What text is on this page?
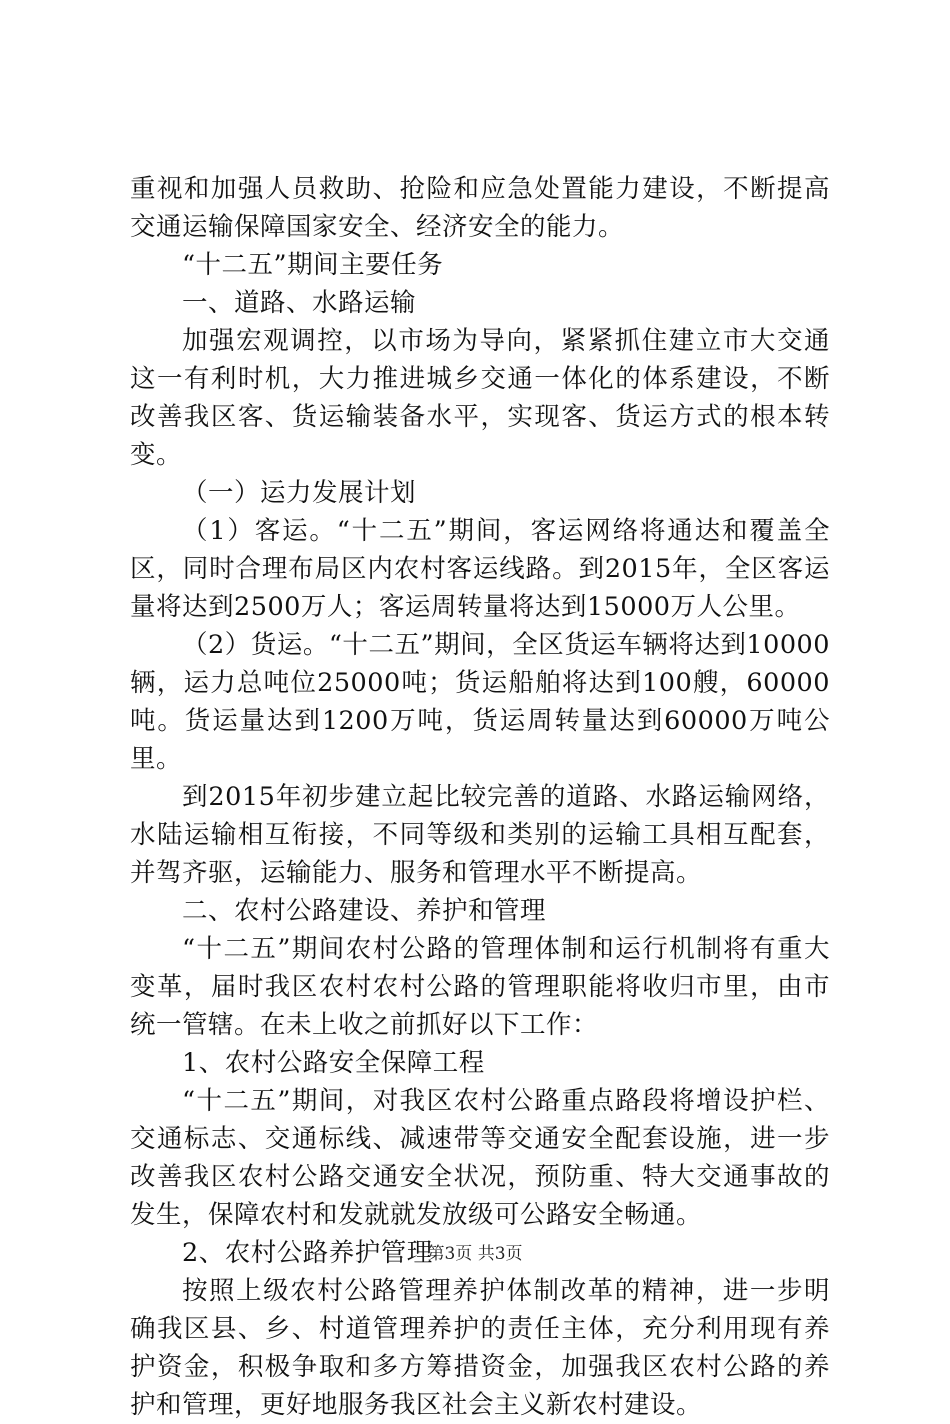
重视和加强人员救助、抢险和应急处置能力建设，不断提高交通运输保障国家安全、经济安全的能力。

“十二五”期间主要任务

一、道路、水路运输

加强宏观调控，以市场为导向，紧紧抓住建立市大交通这一有利时机，大力推进城乡交通一体化的体系建设，不断改善我区客、货运输装备水平，实现客、货运方式的根本转变。

（一）运力发展计划

（1）客运。“十二五”期间，客运网络将通达和覆盖全区，同时合理布局区内农村客运线路。到2015年，全区客运量将达到2500万人；客运周转量将达到15000万人公里。

（2）货运。“十二五”期间，全区货运车辆将达到10000辆，运力总吨位25000吨；货运船舶将达到100艘，60000吨。货运量达到1200万吨，货运周转量达到60000万吨公里。

到2015年初步建立起比较完善的道路、水路运输网络，水陆运输相互衔接，不同等级和类别的运输工具相互配套，并驾齐驱，运输能力、服务和管理水平不断提高。

二、农村公路建设、养护和管理

“十二五”期间农村公路的管理体制和运行机制将有重大变革，届时我区农村农村公路的管理职能将收归市里，由市统一管辖。在未上收之前抓好以下工作：

1、农村公路安全保障工程

“十二五”期间，对我区农村公路重点路段将增设护栏、交通标志、交通标线、减速带等交通安全配套设施，进一步改善我区农村公路交通安全状况，预防重、特大交通事故的发生，保障农村和发就就发放级可公路安全畅通。

2、农村公路养护管理

按照上级农村公路管理养护体制改革的精神，进一步明确我区县、乡、村道管理养护的责任主体，充分利用现有养护资金，积极争取和多方筹措资金，加强我区农村公路的养护和管理，更好地服务我区社会主义新农村建设。

第3页 共3页
